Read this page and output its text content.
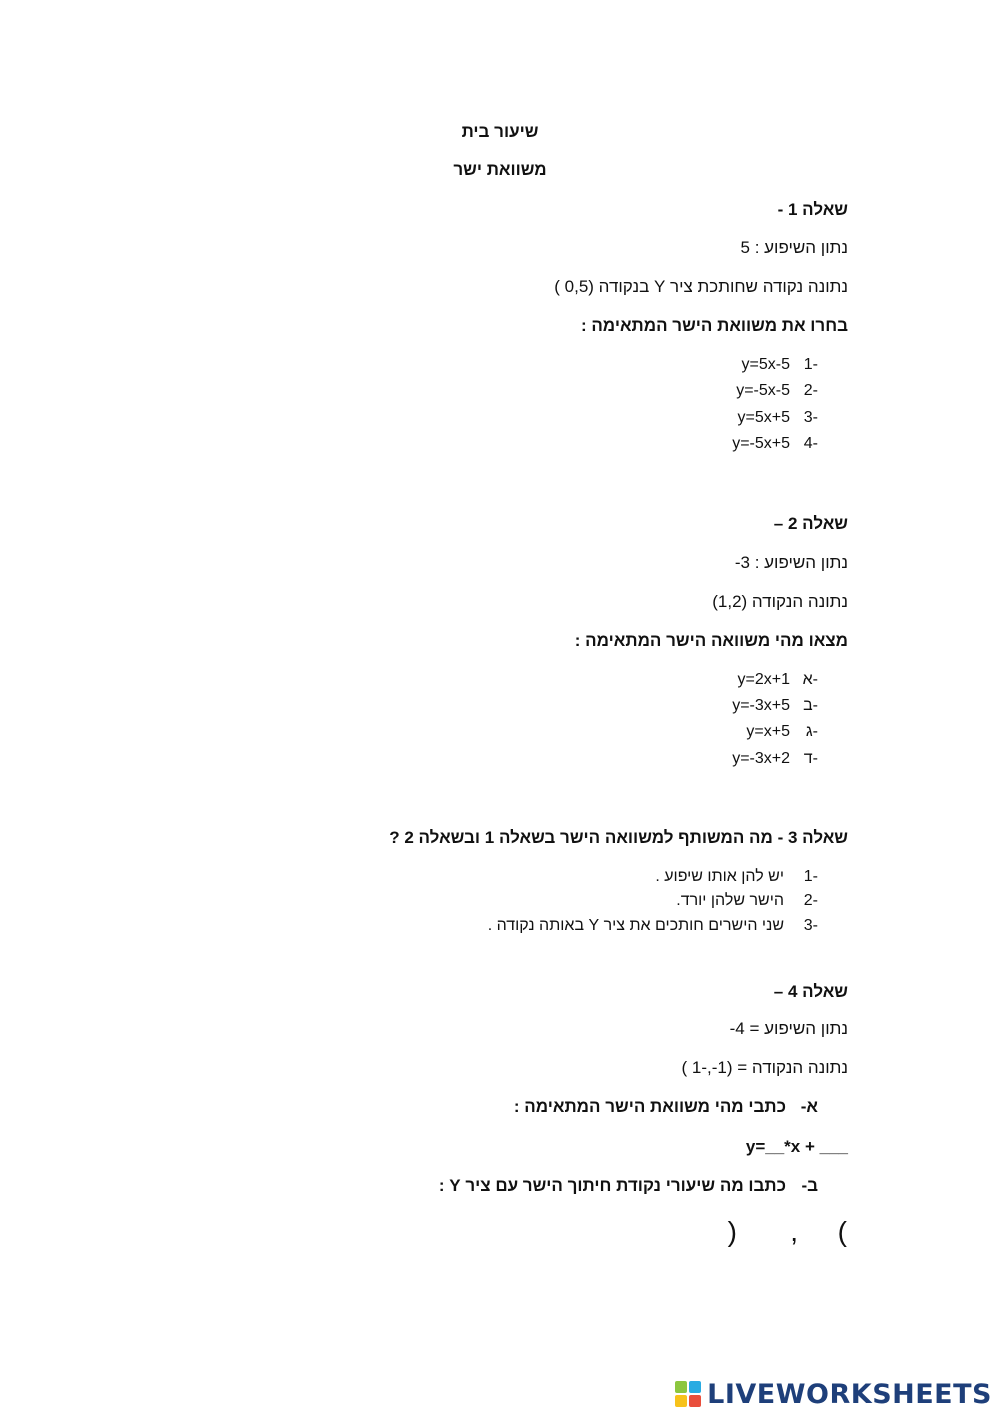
שיעור בית
משוואת ישר
שאלה 1 -
נתון השיפוע : 5
נתונה נקודה שחותכת ציר Y בנקודה (0,5 )
בחרו את משוואת הישר המתאימה :
y=5x-5 1-
y=-5x-5 2-
y=5x+5 3-
y=-5x+5 4-
שאלה 2 –
נתון השיפוע : 3-
נתונה הנקודה (1,2)
מצאו מהי משוואה הישר המתאימה :
y=2x+1 א-
y=-3x+5 ב-
y=x+5 ג-
y=-3x+2 ד-
שאלה 3 - מה המשותף למשוואה הישר בשאלה 1 ובשאלה 2 ?
יש להן אותו שיפוע . 1-
הישר שלהן יורד. 2-
שני הישרים חותכים את ציר Y באותה נקודה . 3-
שאלה 4 –
נתון השיפוע = 4-
נתונה הנקודה = (1-,-1 )
א-
כתבי מהי משוואת הישר המתאימה :
y=__*x + ___
ב-
כתבו מה שיעורי נקודת חיתוך הישר עם ציר Y :
(
,
)
LIVEWORKSHEETS
